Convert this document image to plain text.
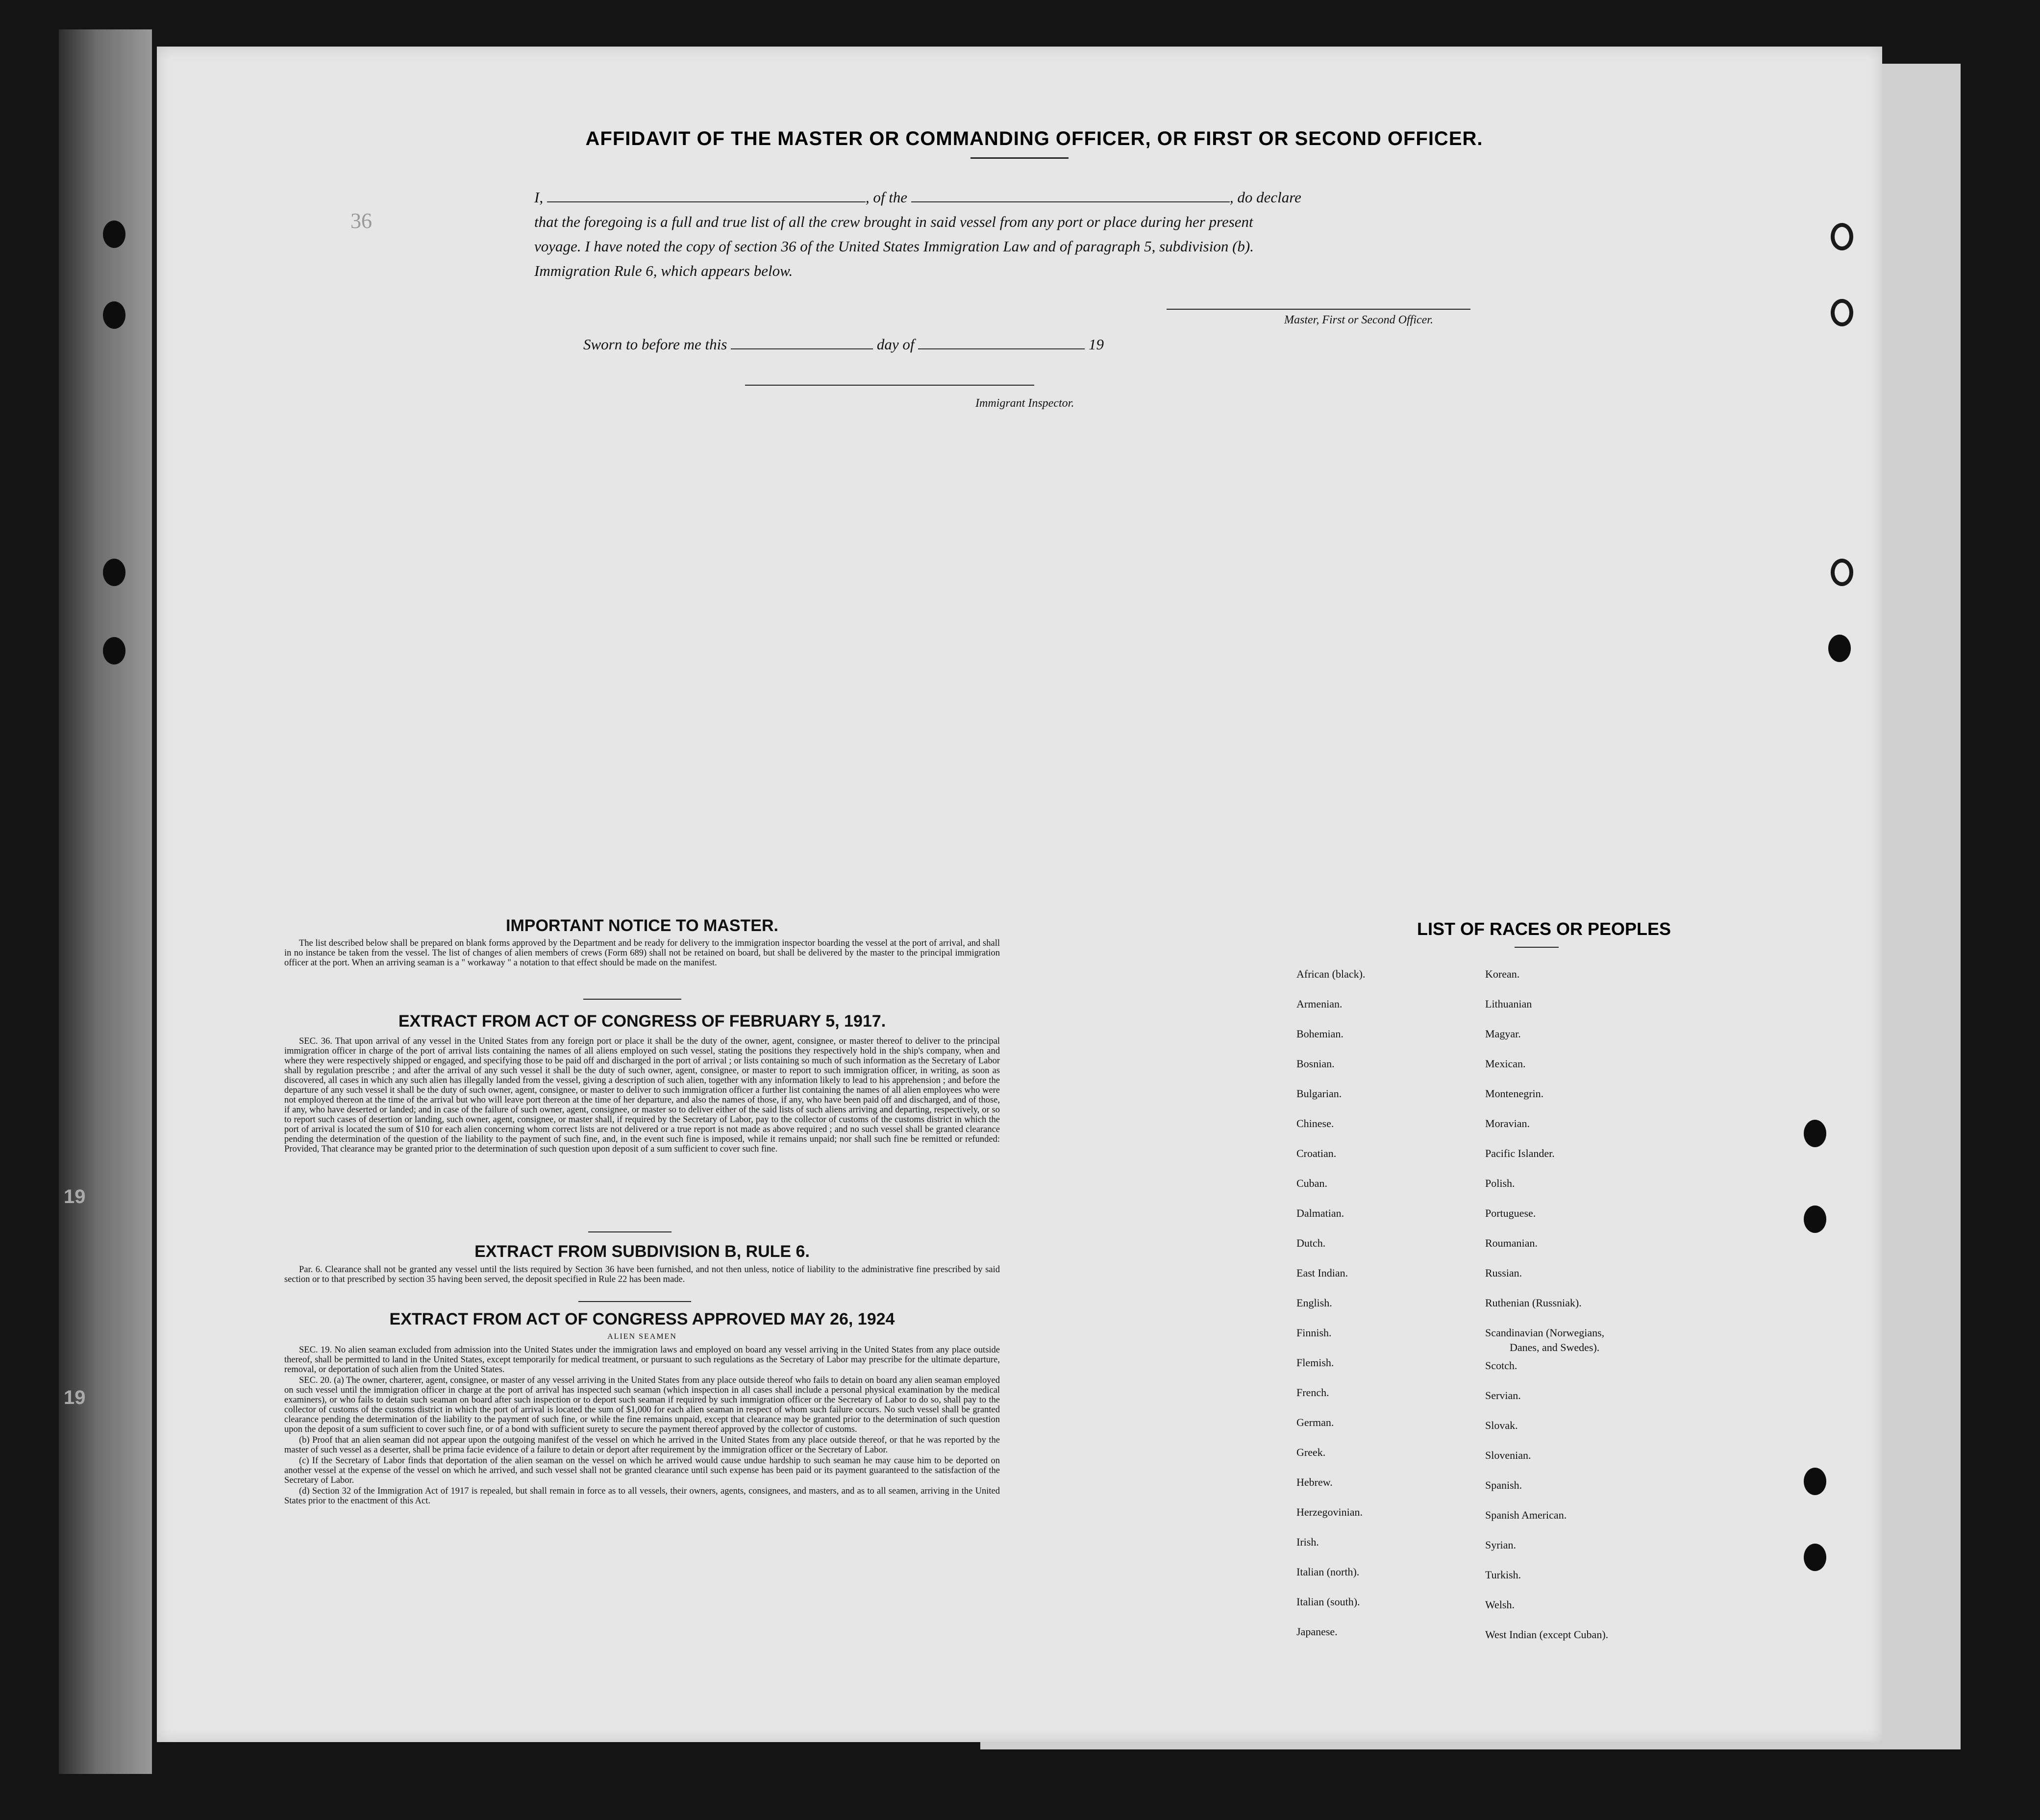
AFFIDAVIT OF THE MASTER OR COMMANDING OFFICER, OR FIRST OR SECOND OFFICER.
I,	, of the	, do declare
that the foregoing is a full and true list of all the crew brought in said vessel from any port or place during her present
voyage. I have noted the copy of section 36 of the United States Immigration Law and of paragraph 5, subdivision (b).
Immigration Rule 6, which appears below.
Master, First or Second Officer.
Sworn to before me this	day of	19
Immigrant Inspector.
IMPORTANT NOTICE TO MASTER.

The list described below shall be prepared on blank forms approved by the Department and be ready for delivery to the immigration inspector boarding the vessel at the port of arrival, and shall in no instance be taken from the vessel. The list of changes of alien members of crews (Form 689) shall not be retained on board, but shall be delivered by the master to the principal immigration officer at the port. When an arriving seaman is a " workaway " a notation to that effect should be made on the manifest.

EXTRACT FROM ACT OF CONGRESS OF FEBRUARY 5, 1917.

SEC. 36. That upon arrival of any vessel in the United States from any foreign port or place it shall be the duty of the owner, agent, consignee, or master thereof to deliver to the principal immigration officer in charge of the port of arrival lists containing the names of all aliens employed on such vessel, stating the positions they respectively hold in the ship's company, when and where they were respectively shipped or engaged, and specifying those to be paid off and discharged in the port of arrival ; or lists containing so much of such information as the Secretary of Labor shall by regulation prescribe ; and after the arrival of any such vessel it shall be the duty of such owner, agent, consignee, or master to report to such immigration officer, in writing, as soon as discovered, all cases in which any such alien has illegally landed from the vessel, giving a description of such alien, together with any information likely to lead to his apprehension ; and before the departure of any such vessel it shall be the duty of such owner, agent, consignee, or master to deliver to such immigration officer a further list containing the names of all alien employees who were not employed thereon at the time of the arrival but who will leave port thereon at the time of her departure, and also the names of those, if any, who have been paid off and discharged, and of those, if any, who have deserted or landed; and in case of the failure of such owner, agent, consignee, or master so to deliver either of the said lists of such aliens arriving and departing, respectively, or so to report such cases of desertion or landing, such owner, agent, consignee, or master shall, if required by the Secretary of Labor, pay to the collector of customs of the customs district in which the port of arrival is located the sum of $10 for each alien concerning whom correct lists are not delivered or a true report is not made as above required ; and no such vessel shall be granted clearance pending the determination of the question of the liability to the payment of such fine, and, in the event such fine is imposed, while it remains unpaid; nor shall such fine be remitted or refunded: Provided, That clearance may be granted prior to the determination of such question upon deposit of a sum sufficient to cover such fine.

EXTRACT FROM SUBDIVISION B, RULE 6.

Par. 6. Clearance shall not be granted any vessel until the lists required by Section 36 have been furnished, and not then unless, notice of liability to the administrative fine prescribed by said section or to that prescribed by section 35 having been served, the deposit specified in Rule 22 has been made.

EXTRACT FROM ACT OF CONGRESS APPROVED MAY 26, 1924
ALIEN SEAMEN

SEC. 19. No alien seaman excluded from admission into the United States under the immigration laws and employed on board any vessel arriving in the United States from any place outside thereof, shall be permitted to land in the United States, except temporarily for medical treatment, or pursuant to such regulations as the Secretary of Labor may prescribe for the ultimate departure, removal, or deportation of such alien from the United States.

SEC. 20. (a) The owner, charterer, agent, consignee, or master of any vessel arriving in the United States from any place outside thereof who fails to detain on board any alien seaman employed on such vessel until the immigration officer in charge at the port of arrival has inspected such seaman (which inspection in all cases shall include a personal physical examination by the medical examiners), or who fails to detain such seaman on board after such inspection or to deport such seaman if required by such immigration officer or the Secretary of Labor to do so, shall pay to the collector of customs of the customs district in which the port of arrival is located the sum of $1,000 for each alien seaman in respect of whom such failure occurs. No such vessel shall be granted clearance pending the determination of the liability to the payment of such fine, or while the fine remains unpaid, except that clearance may be granted prior to the determination of such question upon the deposit of a sum sufficient to cover such fine, or of a bond with sufficient surety to secure the payment thereof approved by the collector of customs.

(b) Proof that an alien seaman did not appear upon the outgoing manifest of the vessel on which he arrived in the United States from any place outside thereof, or that he was reported by the master of such vessel as a deserter, shall be prima facie evidence of a failure to detain or deport after requirement by the immigration officer or the Secretary of Labor.

(c) If the Secretary of Labor finds that deportation of the alien seaman on the vessel on which he arrived would cause undue hardship to such seaman he may cause him to be deported on another vessel at the expense of the vessel on which he arrived, and such vessel shall not be granted clearance until such expense has been paid or its payment guaranteed to the satisfaction of the Secretary of Labor.

(d) Section 32 of the Immigration Act of 1917 is repealed, but shall remain in force as to all vessels, their owners, agents, consignees, and masters, and as to all seamen, arriving in the United States prior to the enactment of this Act.

LIST OF RACES OR PEOPLES
African (black).
Armenian.
Bohemian.
Bosnian.
Bulgarian.
Chinese.
Croatian.
Cuban.
Dalmatian.
Dutch.
East Indian.
English.
Finnish.
Flemish.
French.
German.
Greek.
Hebrew.
Herzegovinian.
Irish.
Italian (north).
Italian (south).
Japanese.
Korean.
Lithuanian
Magyar.
Mexican.
Montenegrin.
Moravian.
Pacific Islander.
Polish.
Portuguese.
Roumanian.
Russian.
Ruthenian (Russniak).
Scandinavian (Norwegians,
Scotch.
Servian.
Slovak.
Slovenian.
Spanish.
Spanish American.
Syrian.
Turkish.
Welsh.
West Indian (except Cuban).
Danes, and Swedes).
36
19
19
